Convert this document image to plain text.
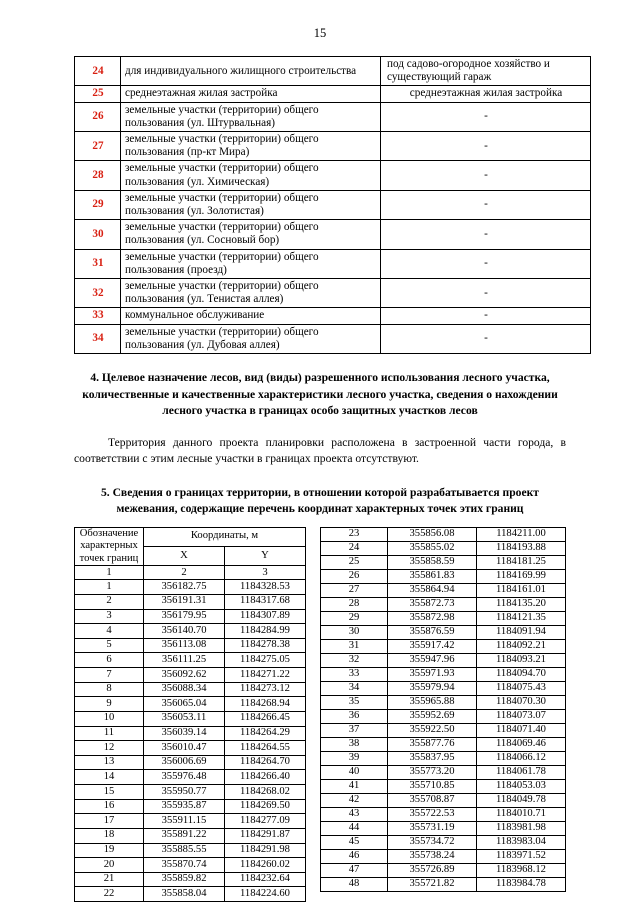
15
24	для индивидуального жилищного строительства	под садово-огородное хозяйство и существующий гараж
25	среднеэтажная жилая застройка	среднеэтажная жилая застройка
26	земельные участки (территории) общего пользования (ул. Штурвальная)	-
27	земельные участки (территории) общего пользования (пр-кт Мира)	-
28	земельные участки (территории) общего пользования (ул. Химическая)	-
29	земельные участки (территории) общего пользования (ул. Золотистая)	-
30	земельные участки (территории) общего пользования (ул. Сосновый бор)	-
31	земельные участки (территории) общего пользования (проезд)	-
32	земельные участки (территории) общего пользования (ул. Тенистая аллея)	-
33	коммунальное обслуживание	-
34	земельные участки (территории) общего пользования (ул. Дубовая аллея)	-
4. Целевое назначение лесов, вид (виды) разрешенного использования лесного участка, количественные и качественные характеристики лесного участка, сведения о нахождении лесного участка в границах особо защитных участков лесов

Территория данного проекта планировки расположена в застроенной части города, в соответствии с этим лесные участки в границах проекта отсутствуют.

5. Сведения о границах территории, в отношении которой разрабатывается проект межевания, содержащие перечень координат характерных точек этих границ
Обозначение характерных точек границ	Координаты, м	
	X	Y
1	2	3
1	356182.75	1184328.53
2	356191.31	1184317.68
3	356179.95	1184307.89
4	356140.70	1184284.99
5	356113.08	1184278.38
6	356111.25	1184275.05
7	356092.62	1184271.22
8	356088.34	1184273.12
9	356065.04	1184268.94
10	356053.11	1184266.45
11	356039.14	1184264.29
12	356010.47	1184264.55
13	356006.69	1184264.70
14	355976.48	1184266.40
15	355950.77	1184268.02
16	355935.87	1184269.50
17	355911.15	1184277.09
18	355891.22	1184291.87
19	355885.55	1184291.98
20	355870.74	1184260.02
21	355859.82	1184232.64
22	355858.04	1184224.60
23	355856.08	1184211.00
24	355855.02	1184193.88
25	355858.59	1184181.25
26	355861.83	1184169.99
27	355864.94	1184161.01
28	355872.73	1184135.20
29	355872.98	1184121.35
30	355876.59	1184091.94
31	355917.42	1184092.21
32	355947.96	1184093.21
33	355971.93	1184094.70
34	355979.94	1184075.43
35	355965.88	1184070.30
36	355952.69	1184073.07
37	355922.50	1184071.40
38	355877.76	1184069.46
39	355837.95	1184066.12
40	355773.20	1184061.78
41	355710.85	1184053.03
42	355708.87	1184049.78
43	355722.53	1184010.71
44	355731.19	1183981.98
45	355734.72	1183983.04
46	355738.24	1183971.52
47	355726.89	1183968.12
48	355721.82	1183984.78
